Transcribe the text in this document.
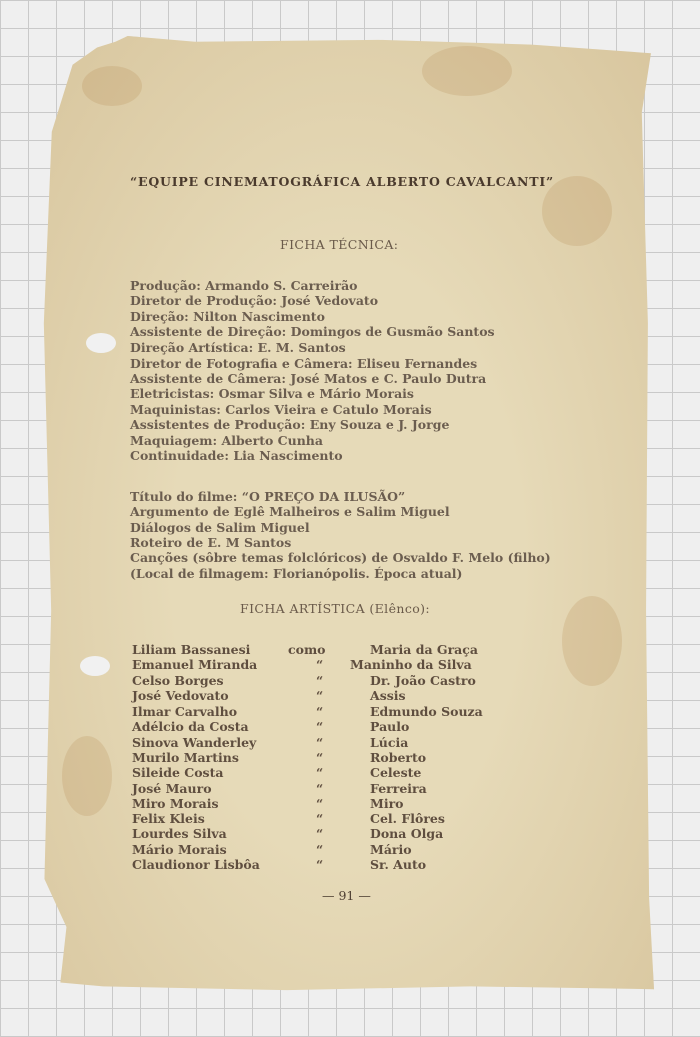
“EQUIPE CINEMATOGRÁFICA ALBERTO CAVALCANTI”
FICHA TÉCNICA:
Produção: Armando S. Carreirão
Diretor de Produção: José Vedovato
Direção: Nilton Nascimento
Assistente de Direção: Domingos de Gusmão Santos
Direção Artística: E. M. Santos
Diretor de Fotografia e Câmera: Eliseu Fernandes
Assistente de Câmera: José Matos e C. Paulo Dutra
Eletricistas: Osmar Silva e Mário Morais
Maquinistas: Carlos Vieira e Catulo Morais
Assistentes de Produção: Eny Souza e J. Jorge
Maquiagem: Alberto Cunha
Continuidade: Lia Nascimento
Título do filme: “O PREÇO DA ILUSÃO”
Argumento de Eglê Malheiros e Salim Miguel
Diálogos de Salim Miguel
Roteiro de E. M Santos
Canções (sôbre temas folclóricos) de Osvaldo F. Melo (filho)
(Local de filmagem: Florianópolis. Época atual)
FICHA ARTÍSTICA (Elênco):
Liliam Bassanesi	como	Maria da Graça
Emanuel Miranda	“ Maninho da Silva
Celso Borges	“	Dr. João Castro
José Vedovato	“	Assis
Ilmar Carvalho	“	Edmundo Souza
Adélcio da Costa	“	Paulo
Sinova Wanderley	“	Lúcia
Murilo Martins	“	Roberto
Sileide Costa	“	Celeste
José Mauro	“	Ferreira
Miro Morais	“	Miro
Felix Kleis	“	Cel. Flôres
Lourdes Silva	“	Dona Olga
Mário Morais	“	Mário
Claudionor Lisbôa	“	Sr. Auto
— 91 —
